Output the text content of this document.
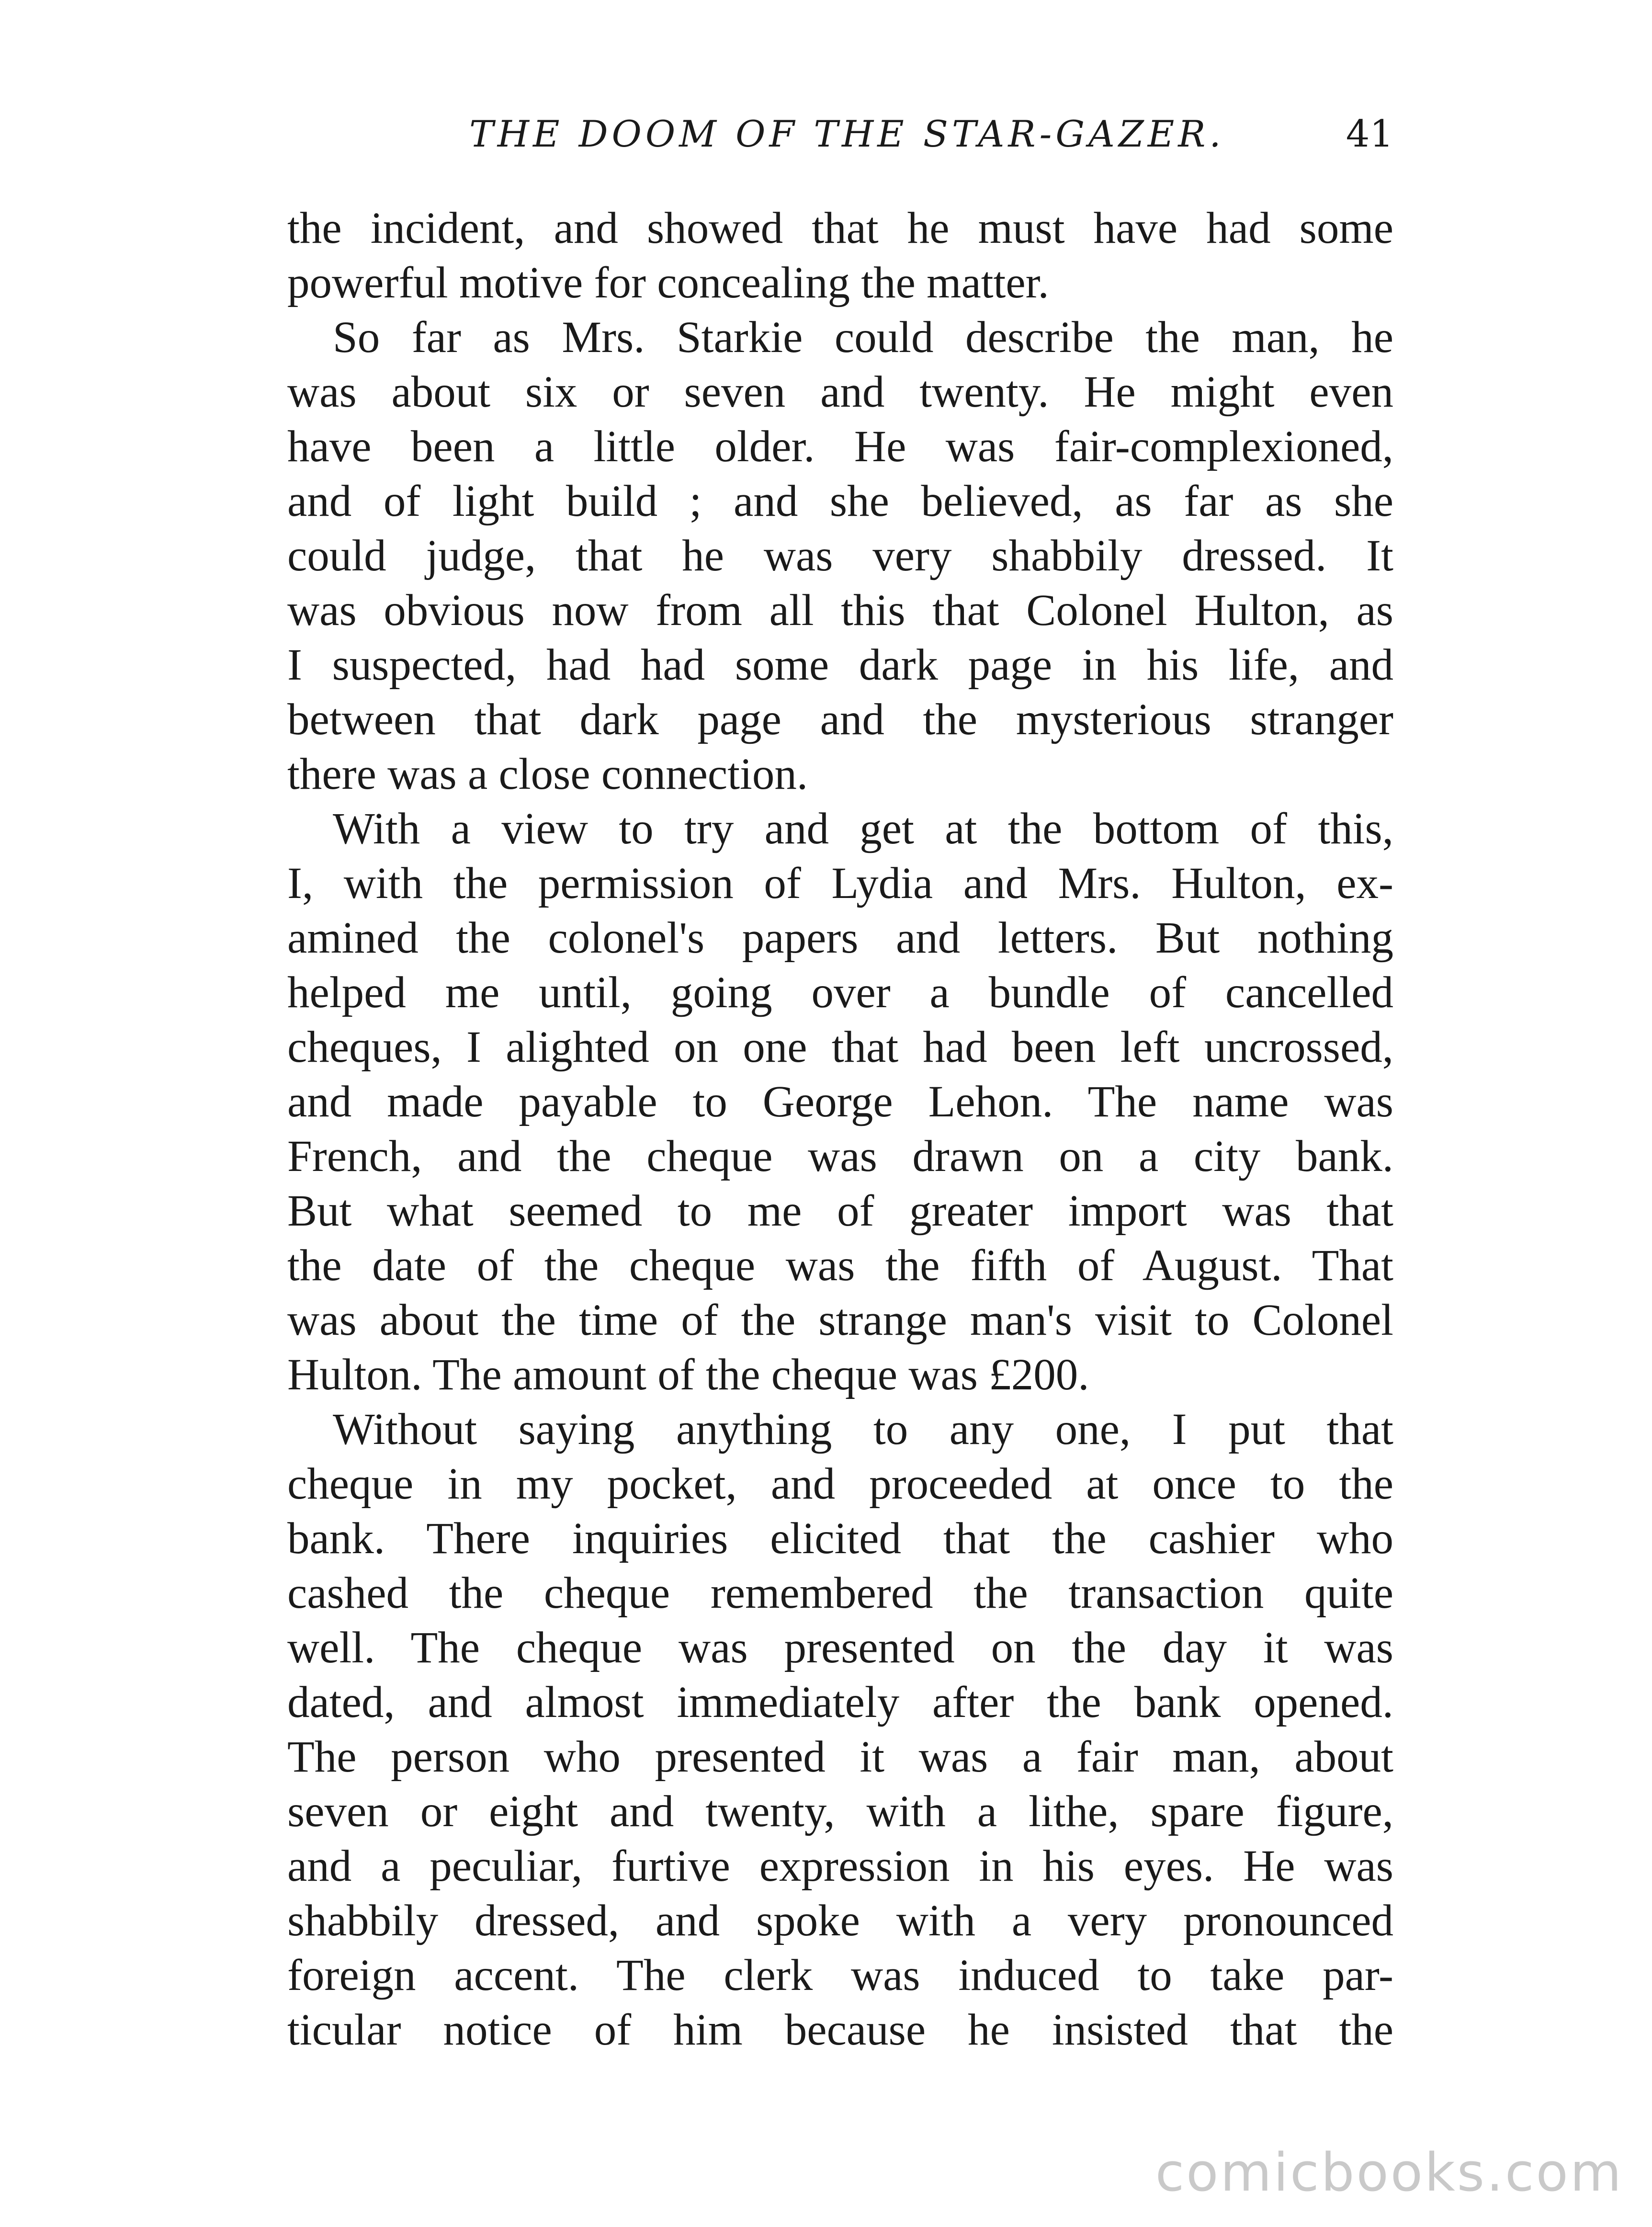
THE DOOM OF THE STAR-GAZER.	41
the incident, and showed that he must have had some
powerful motive for concealing the matter.
So far as Mrs. Starkie could describe the man, he
was about six or seven and twenty. He might even
have been a little older. He was fair-complexioned,
and of light build ; and she believed, as far as she
could judge, that he was very shabbily dressed. It
was obvious now from all this that Colonel Hulton, as
I suspected, had had some dark page in his life, and
between that dark page and the mysterious stranger
there was a close connection.
With a view to try and get at the bottom of this,
I, with the permission of Lydia and Mrs. Hulton, ex-
amined the colonel's papers and letters. But nothing
helped me until, going over a bundle of cancelled
cheques, I alighted on one that had been left uncrossed,
and made payable to George Lehon. The name was
French, and the cheque was drawn on a city bank.
But what seemed to me of greater import was that
the date of the cheque was the fifth of August. That
was about the time of the strange man's visit to Colonel
Hulton. The amount of the cheque was £200.
Without saying anything to any one, I put that
cheque in my pocket, and proceeded at once to the
bank. There inquiries elicited that the cashier who
cashed the cheque remembered the transaction quite
well. The cheque was presented on the day it was
dated, and almost immediately after the bank opened.
The person who presented it was a fair man, about
seven or eight and twenty, with a lithe, spare figure,
and a peculiar, furtive expression in his eyes. He was
shabbily dressed, and spoke with a very pronounced
foreign accent. The clerk was induced to take par-
ticular notice of him because he insisted that the
comicbooks.com
